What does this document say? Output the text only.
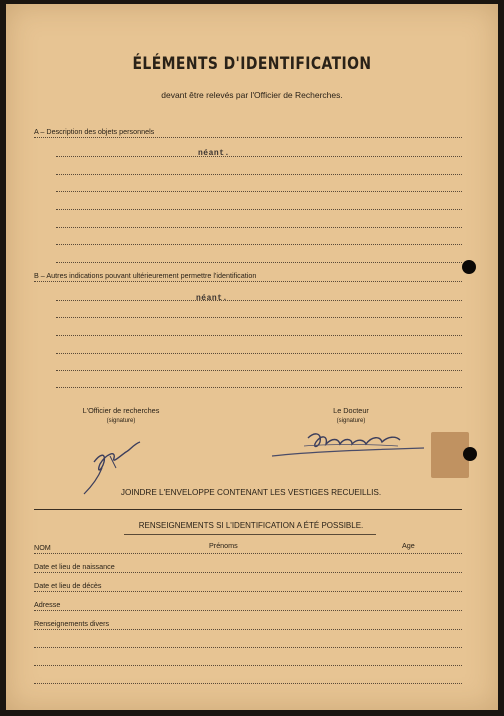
ÉLÉMENTS D'IDENTIFICATION
devant être relevés par l'Officier de Recherches.
A – Description des objets personnels
néant.
B – Autres indications pouvant ultérieurement permettre l'identification
néant.
L'Officier de recherches
(signature)
Le Docteur
(signature)
JOINDRE L'ENVELOPPE CONTENANT LES VESTIGES RECUEILLIS.
RENSEIGNEMENTS SI L'IDENTIFICATION A ÉTÉ POSSIBLE.
NOM	Prénoms	Age
Date et lieu de naissance
Date et lieu de décès
Adresse
Renseignements divers
